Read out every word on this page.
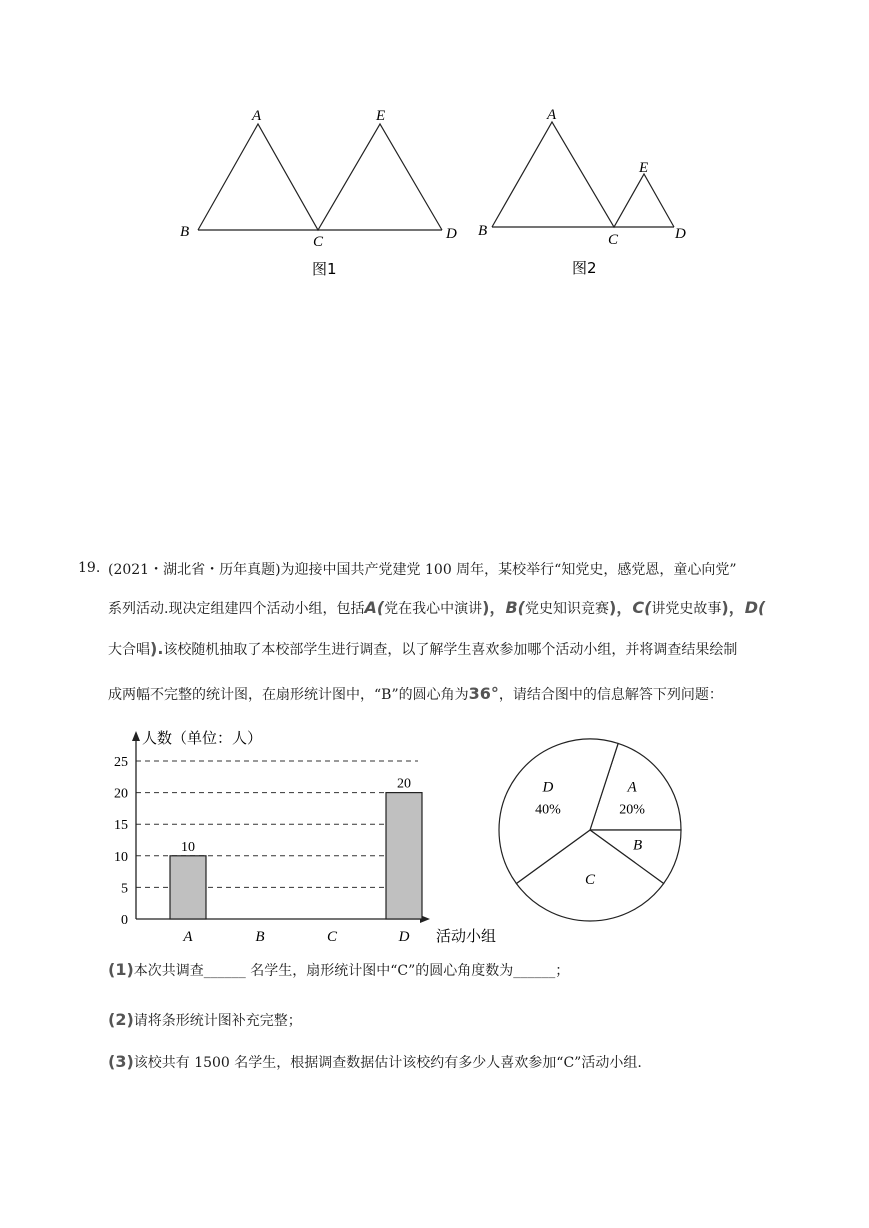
A	E
B
C	D
图1
A
E
B
C	D
图2
19. (2021・湖北省・历年真题)为迎接中国共产党建党 100 周年，某校举行“知党史，感党恩，童心向党”
系列活动.现决定组建四个活动小组，包括A(党在我心中演讲)，B(党史知识竞赛)，C(讲党史故事)，D(
大合唱).该校随机抽取了本校部学生进行调查，以了解学生喜欢参加哪个活动小组，并将调查结果绘制
成两幅不完整的统计图，在扇形统计图中，“B”的圆心角为36°，请结合图中的信息解答下列问题：
0
5
10
15
20
25
人数（单位：人）
活动小组
10
A	B	C
20
D
A
20%
B
C
D
40%
(1)本次共调查______ 名学生，扇形统计图中“C”的圆心角度数为______；
(2)请将条形统计图补充完整；
(3)该校共有 1500 名学生，根据调查数据估计该校约有多少人喜欢参加“C”活动小组.
